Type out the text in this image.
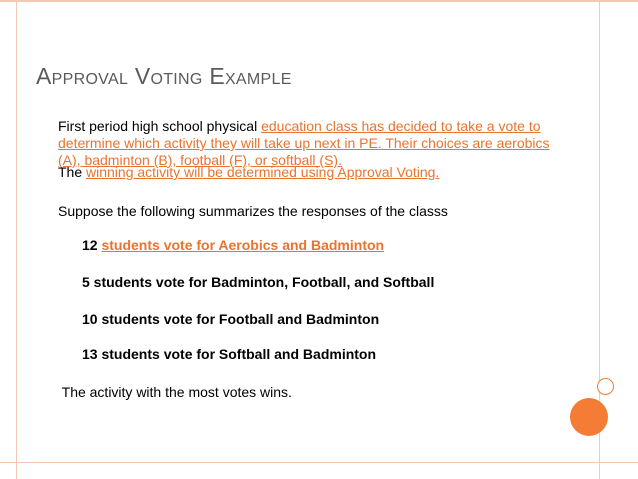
Approval Voting Example
First period high school physical education class has decided to take a vote to determine which activity they will take up next in PE. Their choices are aerobics (A), badminton (B), football (F), or softball (S).
The winning activity will be determined using Approval Voting.
Suppose the following summarizes the responses of the classs
12 students vote for Aerobics and Badminton
5 students vote for Badminton, Football, and Softball
10 students vote for Football and Badminton
13 students vote for Softball and Badminton
The activity with the most votes wins.
